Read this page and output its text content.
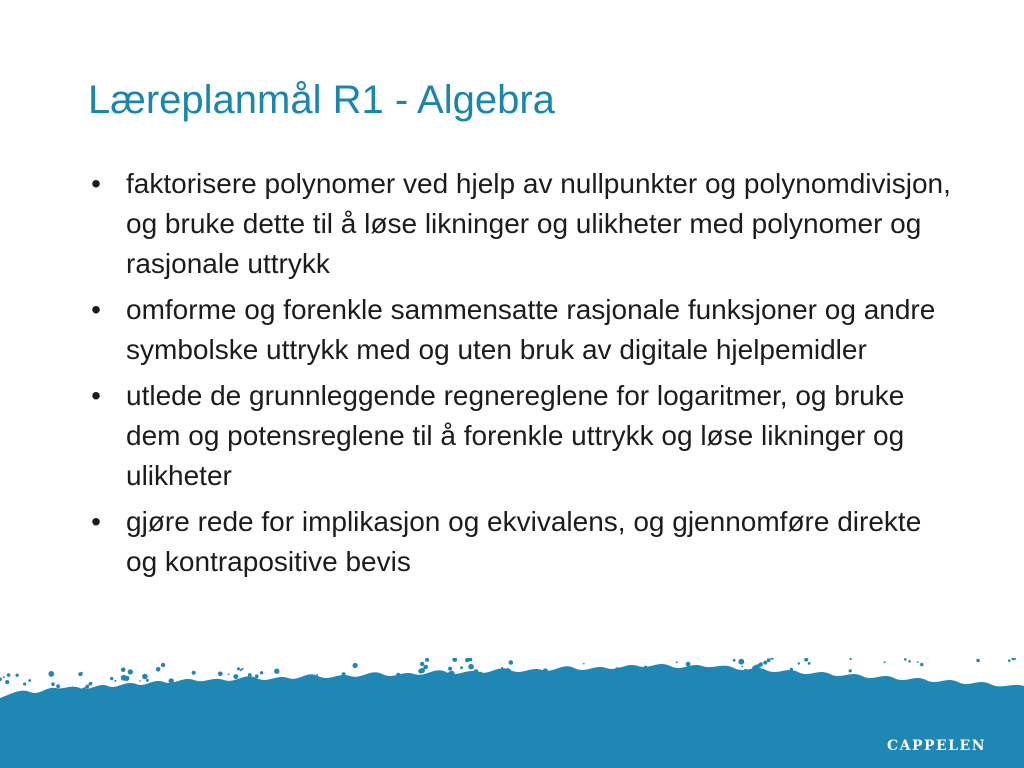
Læreplanmål R1 - Algebra
• faktorisere polynomer ved hjelp av nullpunkter og polynomdivisjon, og bruke dette til å løse likninger og ulikheter med polynomer og rasjonale uttrykk
• omforme og forenkle sammensatte rasjonale funksjoner og andre symbolske uttrykk med og uten bruk av digitale hjelpemidler
• utlede de grunnleggende regnereglene for logaritmer, og bruke dem og potensreglene til å forenkle uttrykk og løse likninger og ulikheter
• gjøre rede for implikasjon og ekvivalens, og gjennomføre direkte og kontrapositive bevis
CAPPELEN
